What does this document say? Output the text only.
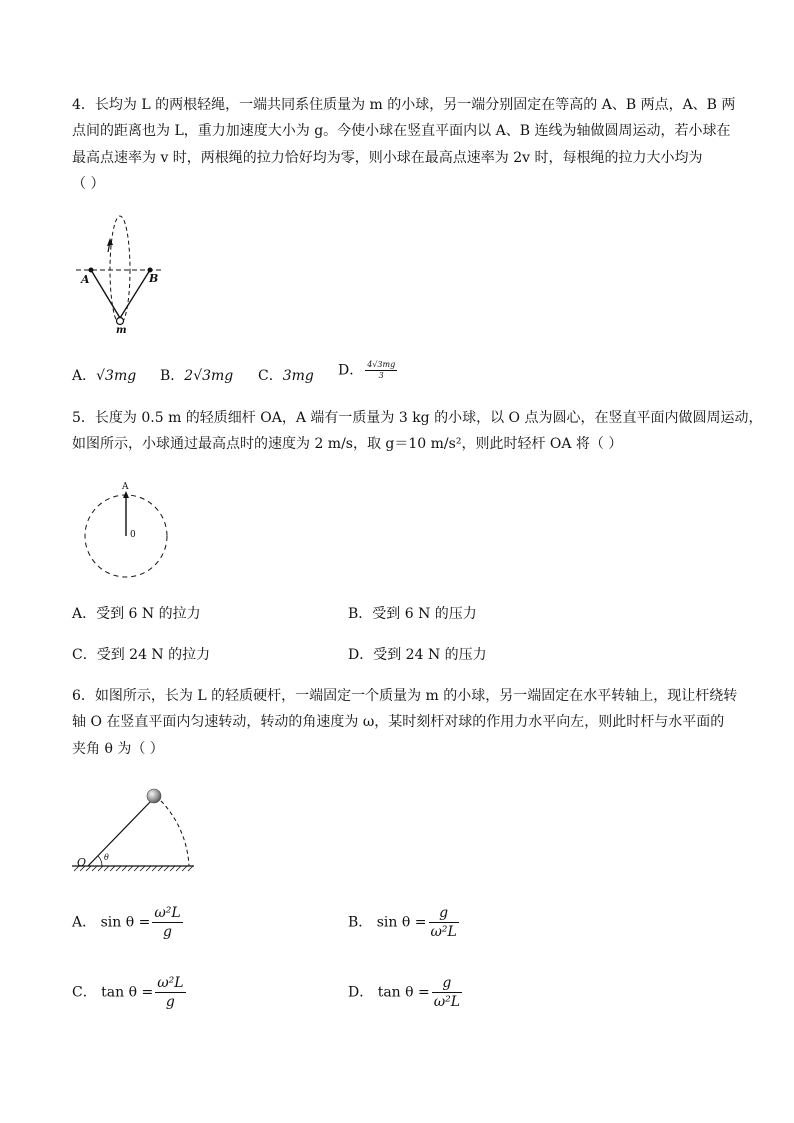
4．长均为 L 的两根轻绳，一端共同系住质量为 m 的小球，另一端分别固定在等高的 A、B 两点，A、B 两
点间的距离也为 L，重力加速度大小为 g。今使小球在竖直平面内以 A、B 连线为轴做圆周运动，若小球在
最高点速率为 v 时，两根绳的拉力恰好均为零，则小球在最高点速率为 2v 时，每根绳的拉力大小均为
（ ）
A	B
m
A．√3mg B．2√3mg C．3mg D． $\frac{4√3mg}{3}$
5．长度为 0.5 m 的轻质细杆 OA，A 端有一质量为 3 kg 的小球，以 O 点为圆心，在竖直平面内做圆周运动，
如图所示，小球通过最高点时的速度为 2 m/s，取 g＝10 m/s²，则此时轻杆 OA 将（ ）
A
0
A．受到 6 N 的拉力	B．受到 6 N 的压力
C．受到 24 N 的拉力	D．受到 24 N 的压力
6．如图所示，长为 L 的轻质硬杆，一端固定一个质量为 m 的小球，另一端固定在水平转轴上，现让杆绕转
轴 O 在竖直平面内匀速转动，转动的角速度为 ω，某时刻杆对球的作用力水平向左，则此时杆与水平面的
夹角 θ 为（ ）
O θ
A． $\sin \theta = \frac{\text{ω²L}}{g}$	B． $\sin \theta = \frac{g}{\text{ω²L}}$
C． $\tan \theta = \frac{\text{ω²L}}{g}$	D． $\tan \theta = \frac{g}{\text{ω²L}}$
